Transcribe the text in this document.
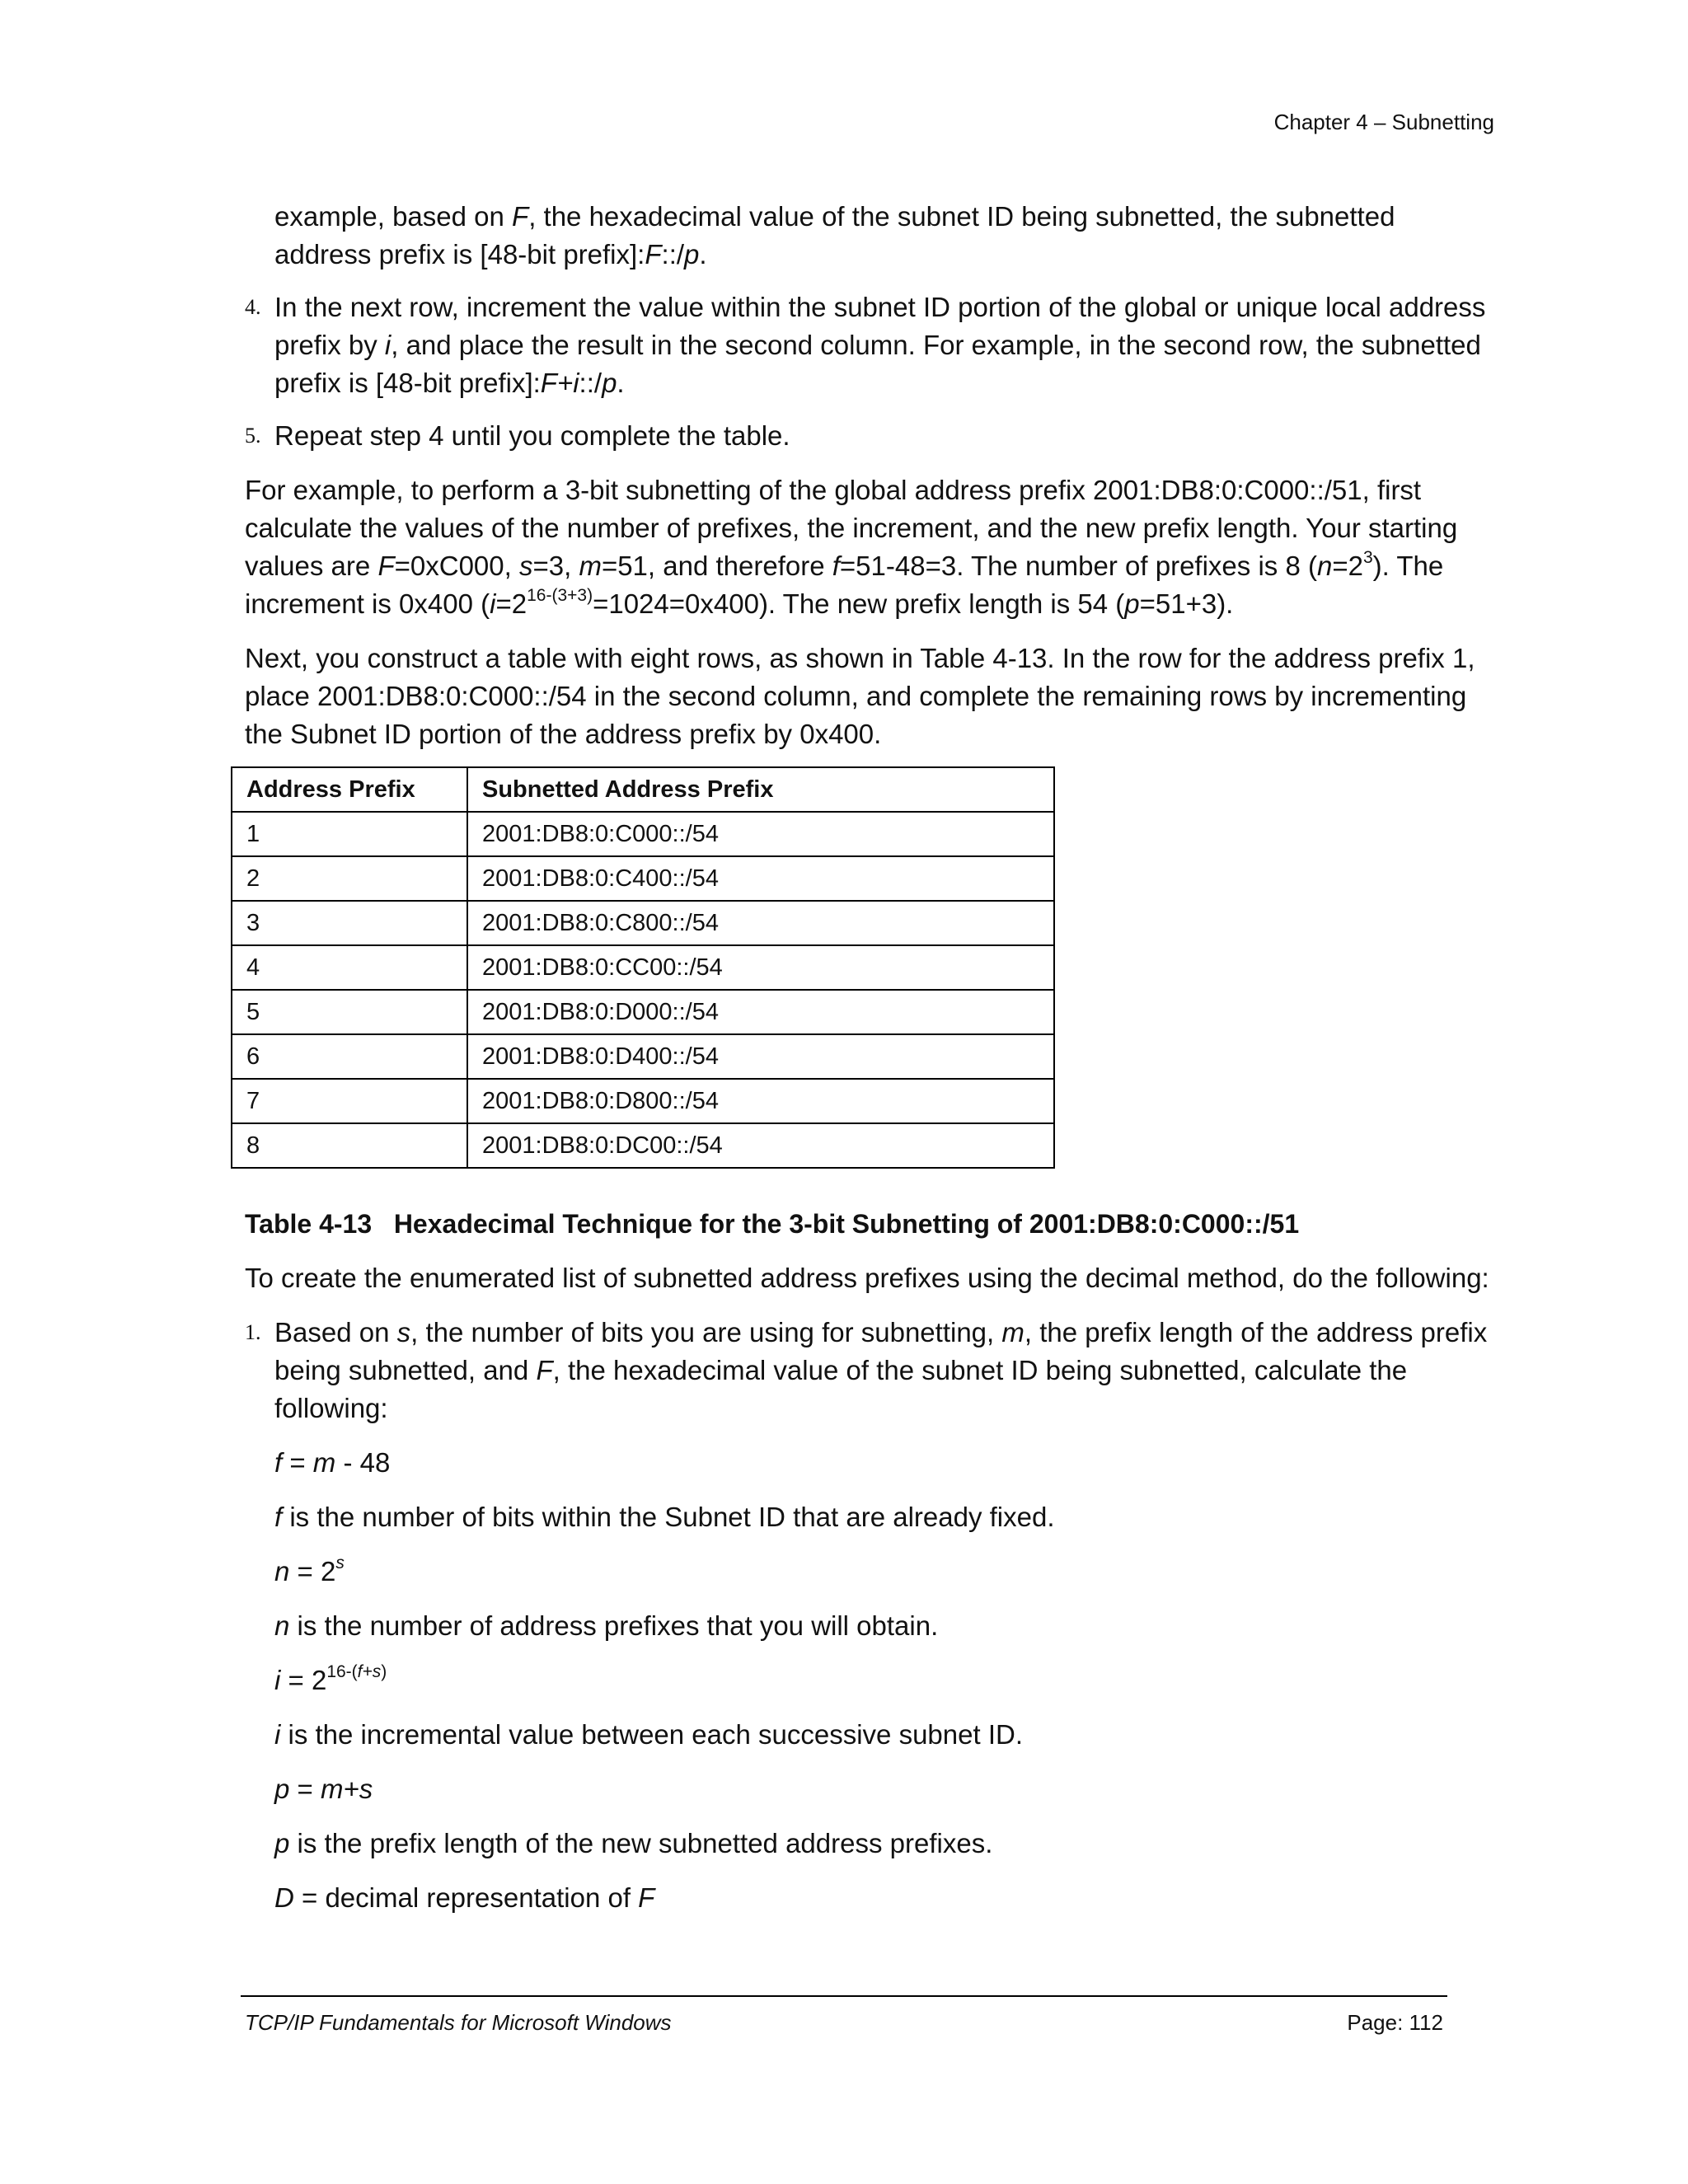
Chapter 4 – Subnetting

example, based on F, the hexadecimal value of the subnet ID being subnetted, the subnetted address prefix is [48-bit prefix]:F::/p.

4. In the next row, increment the value within the subnet ID portion of the global or unique local address prefix by i, and place the result in the second column. For example, in the second row, the subnetted prefix is [48-bit prefix]:F+i::/p.

5. Repeat step 4 until you complete the table.

For example, to perform a 3-bit subnetting of the global address prefix 2001:DB8:0:C000::/51, first calculate the values of the number of prefixes, the increment, and the new prefix length. Your starting values are F=0xC000, s=3, m=51, and therefore f=51-48=3. The number of prefixes is 8 $(n=2^3)$. The increment is 0x400 $(i=2^{16-(3+3)}=1024=0x400)$. The new prefix length is 54 (p=51+3).

Next, you construct a table with eight rows, as shown in Table 4-13. In the row for the address prefix 1, place 2001:DB8:0:C000::/54 in the second column, and complete the remaining rows by incrementing the Subnet ID portion of the address prefix by 0x400.

Address Prefix	Subnetted Address Prefix
1	2001:DB8:0:C000::/54
2	2001:DB8:0:C400::/54
3	2001:DB8:0:C800::/54
4	2001:DB8:0:CC00::/54
5	2001:DB8:0:D000::/54
6	2001:DB8:0:D400::/54
7	2001:DB8:0:D800::/54
8	2001:DB8:0:DC00::/54

Table 4-13 Hexadecimal Technique for the 3-bit Subnetting of 2001:DB8:0:C000::/51

To create the enumerated list of subnetted address prefixes using the decimal method, do the following:

1. Based on s, the number of bits you are using for subnetting, m, the prefix length of the address prefix being subnetted, and F, the hexadecimal value of the subnet ID being subnetted, calculate the following:

f = m - 48

f is the number of bits within the Subnet ID that are already fixed.

$n = 2^s$

n is the number of address prefixes that you will obtain.

$i = 2^{16-(f+s)}$

i is the incremental value between each successive subnet ID.

p = m+s

p is the prefix length of the new subnetted address prefixes.

D = decimal representation of F

TCP/IP Fundamentals for Microsoft Windows	Page: 112
